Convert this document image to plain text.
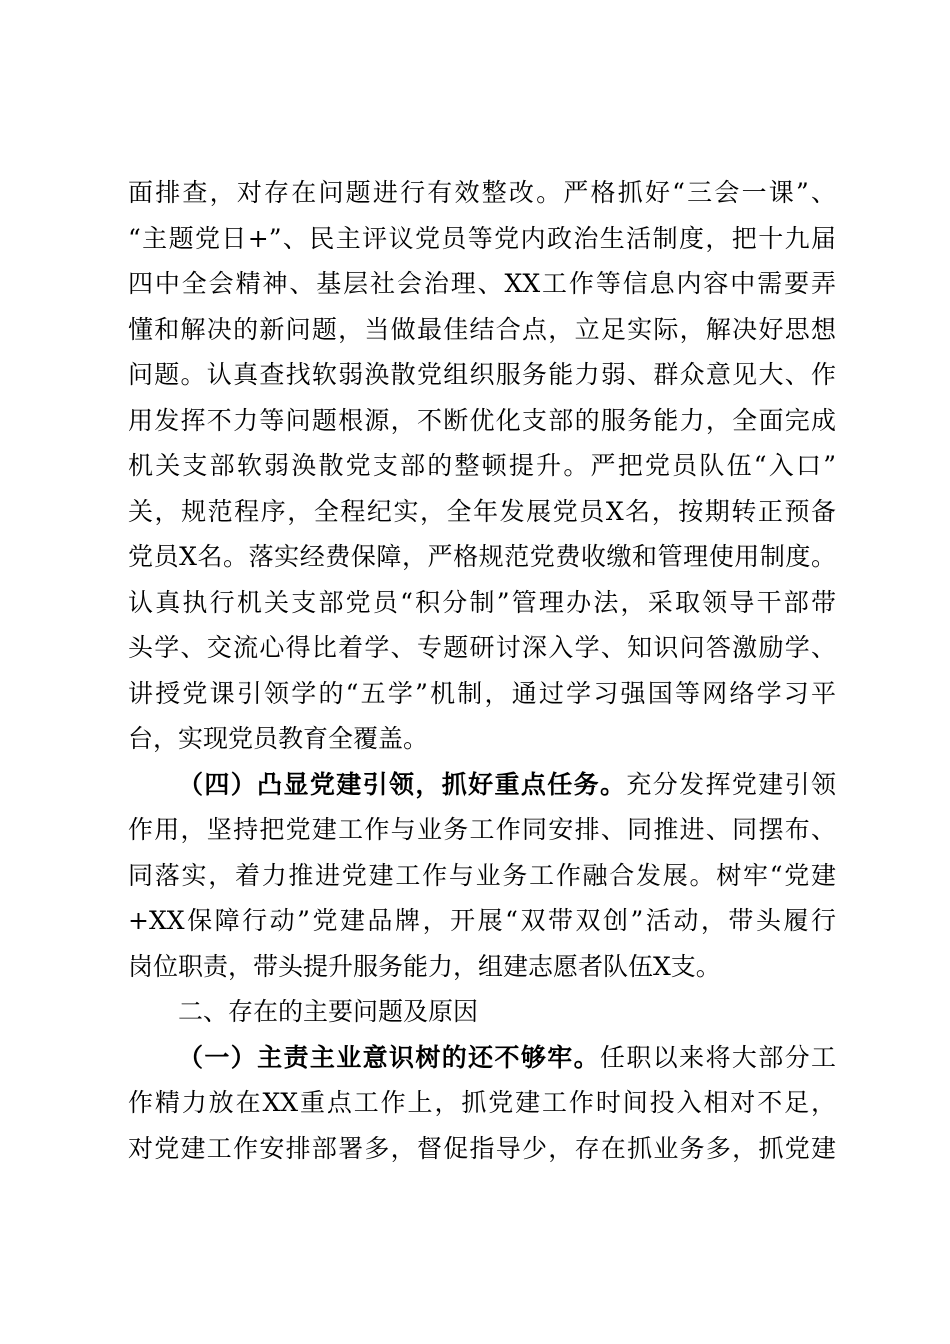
面排查，对存在问题进行有效整改。严格抓好“三会一课”、
“主题党日+”、民主评议党员等党内政治生活制度，把十九届
四中全会精神、基层社会治理、XX工作等信息内容中需要弄
懂和解决的新问题，当做最佳结合点，立足实际，解决好思想
问题。认真查找软弱涣散党组织服务能力弱、群众意见大、作
用发挥不力等问题根源，不断优化支部的服务能力，全面完成
机关支部软弱涣散党支部的整顿提升。严把党员队伍“入口”
关，规范程序，全程纪实，全年发展党员X名，按期转正预备
党员X名。落实经费保障，严格规范党费收缴和管理使用制度。
认真执行机关支部党员“积分制”管理办法，采取领导干部带
头学、交流心得比着学、专题研讨深入学、知识问答激励学、
讲授党课引领学的“五学”机制，通过学习强国等网络学习平
台，实现党员教育全覆盖。
（四）凸显党建引领，抓好重点任务。充分发挥党建引领
作用，坚持把党建工作与业务工作同安排、同推进、同摆布、
同落实，着力推进党建工作与业务工作融合发展。树牢“党建
+XX保障行动”党建品牌，开展“双带双创”活动，带头履行
岗位职责，带头提升服务能力，组建志愿者队伍X支。
二、存在的主要问题及原因
（一）主责主业意识树的还不够牢。任职以来将大部分工
作精力放在XX重点工作上，抓党建工作时间投入相对不足，
对党建工作安排部署多，督促指导少，存在抓业务多，抓党建
